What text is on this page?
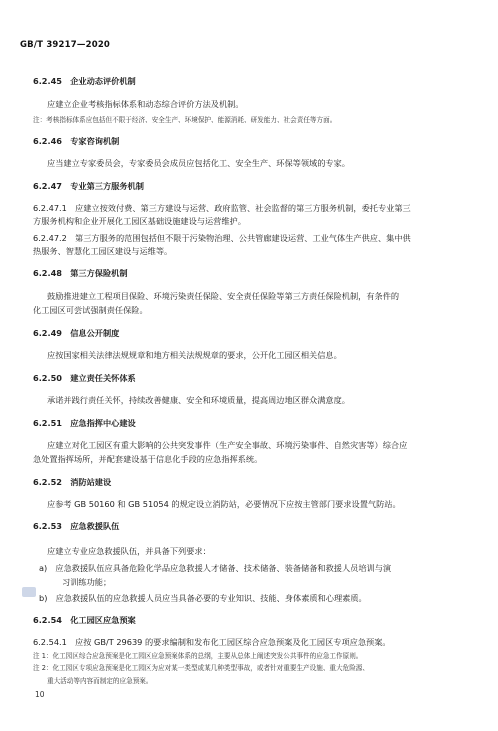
GB/T 39217—2020
6.2.45　企业动态评价机制
应建立企业考核指标体系和动态综合评价方法及机制。
注：考核指标体系应包括但不限于经济、安全生产、环境保护、能源消耗、研发能力、社会责任等方面。
6.2.46　专家咨询机制
应当建立专家委员会，专家委员会成员应包括化工、安全生产、环保等领域的专家。
6.2.47　专业第三方服务机制
6.2.47.1　应建立按效付费、第三方建设与运营、政府监管、社会监督的第三方服务机制，委托专业第三
方服务机构和企业开展化工园区基础设施建设与运营维护。
6.2.47.2　第三方服务的范围包括但不限于污染物治理、公共管廊建设运营、工业气体生产供应、集中供
热服务、智慧化工园区建设与运维等。
6.2.48　第三方保险机制
鼓励推进建立工程项目保险、环境污染责任保险、安全责任保险等第三方责任保险机制，有条件的
化工园区可尝试强制责任保险。
6.2.49　信息公开制度
应按国家相关法律法规规章和地方相关法规规章的要求，公开化工园区相关信息。
6.2.50　建立责任关怀体系
承诺并践行责任关怀，持续改善健康、安全和环境质量，提高周边地区群众满意度。
6.2.51　应急指挥中心建设
应建立对化工园区有重大影响的公共突发事件（生产安全事故、环境污染事件、自然灾害等）综合应
急处置指挥场所，并配套建设基于信息化手段的应急指挥系统。
6.2.52　消防站建设
应参考 GB 50160 和 GB 51054 的规定设立消防站，必要情况下应按主管部门要求设置气防站。
6.2.53　应急救援队伍
应建立专业应急救援队伍，并具备下列要求：
a)　应急救援队伍应具备危险化学品应急救援人才储备、技术储备、装备储备和救援人员培训与演
习训练功能；
b)　应急救援队伍的应急救援人员应当具备必要的专业知识、技能、身体素质和心理素质。
6.2.54　化工园区应急预案
6.2.54.1　应按 GB/T 29639 的要求编制和发布化工园区综合应急预案及化工园区专项应急预案。
注 1：化工园区综合应急预案是化工园区应急预案体系的总纲，主要从总体上阐述突发公共事件的应急工作原则。
注 2：化工园区专项应急预案是化工园区为应对某一类型或某几种类型事故，或者针对重要生产设施、重大危险源、
重大活动等内容而制定的应急预案。
10
